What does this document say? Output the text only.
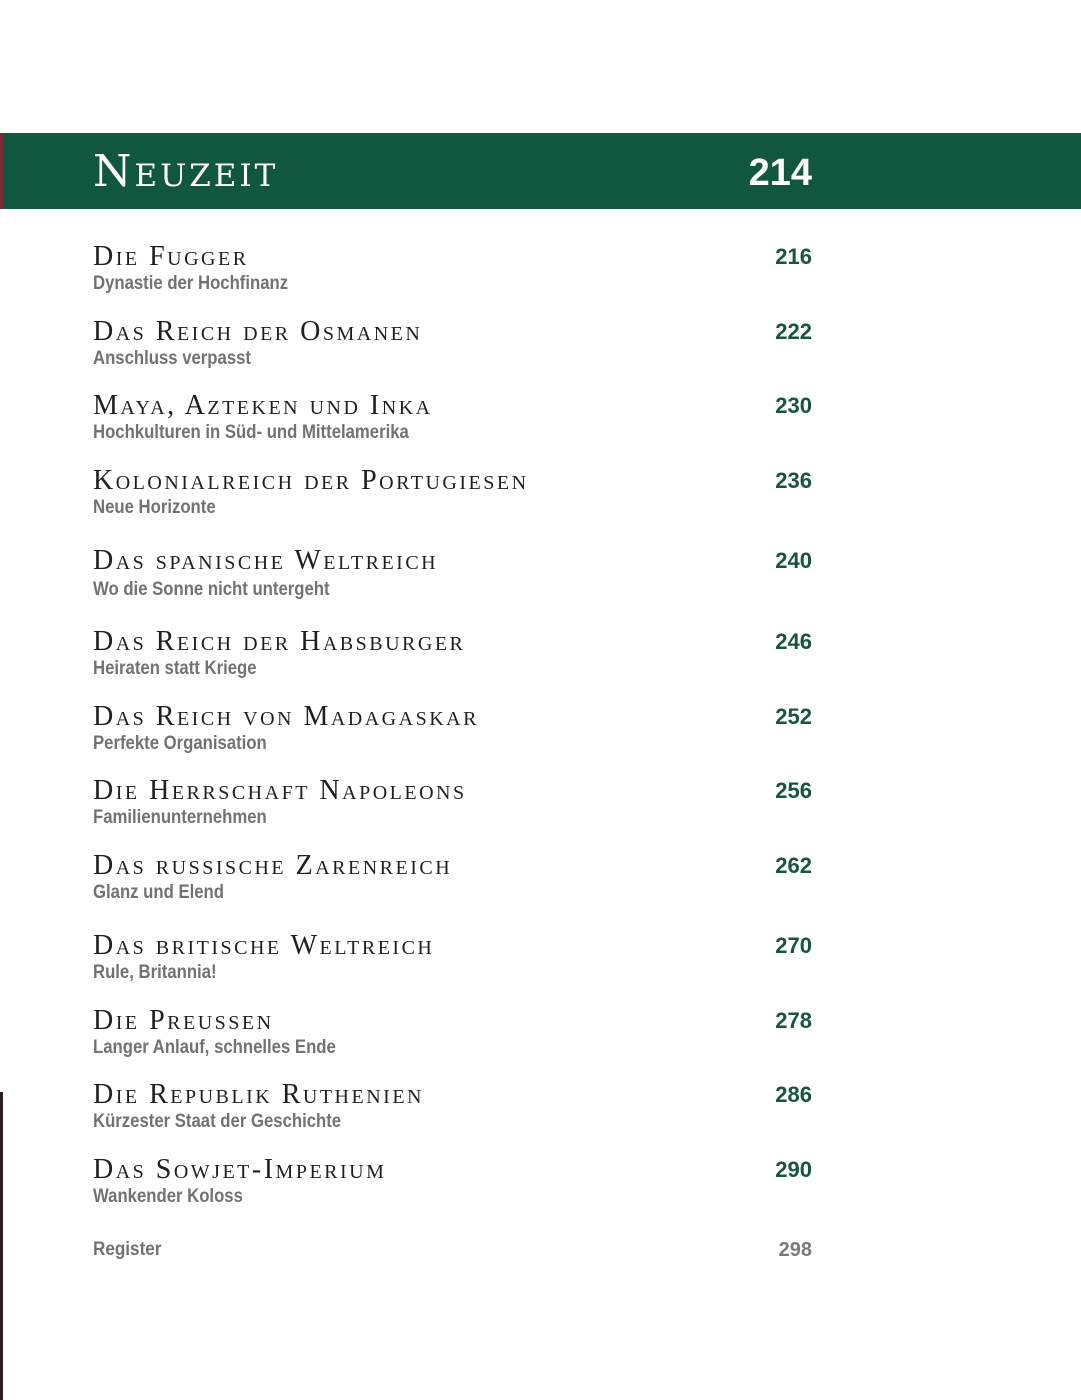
Neuzeit	214
Die Fugger
Dynastie der Hochfinanz
216
Das Reich der Osmanen
Anschluss verpasst
222
Maya, Azteken und Inka
Hochkulturen in Süd- und Mittelamerika
230
Kolonialreich der Portugiesen
Neue Horizonte
236
Das spanische Weltreich
Wo die Sonne nicht untergeht
240
Das Reich der Habsburger
Heiraten statt Kriege
246
Das Reich von Madagaskar
Perfekte Organisation
252
Die Herrschaft Napoleons
Familienunternehmen
256
Das russische Zarenreich
Glanz und Elend
262
Das britische Weltreich
Rule, Britannia!
270
Die Preussen
Langer Anlauf, schnelles Ende
278
Die Republik Ruthenien
Kürzester Staat der Geschichte
286
Das Sowjet-Imperium
Wankender Koloss
290
Register	298
